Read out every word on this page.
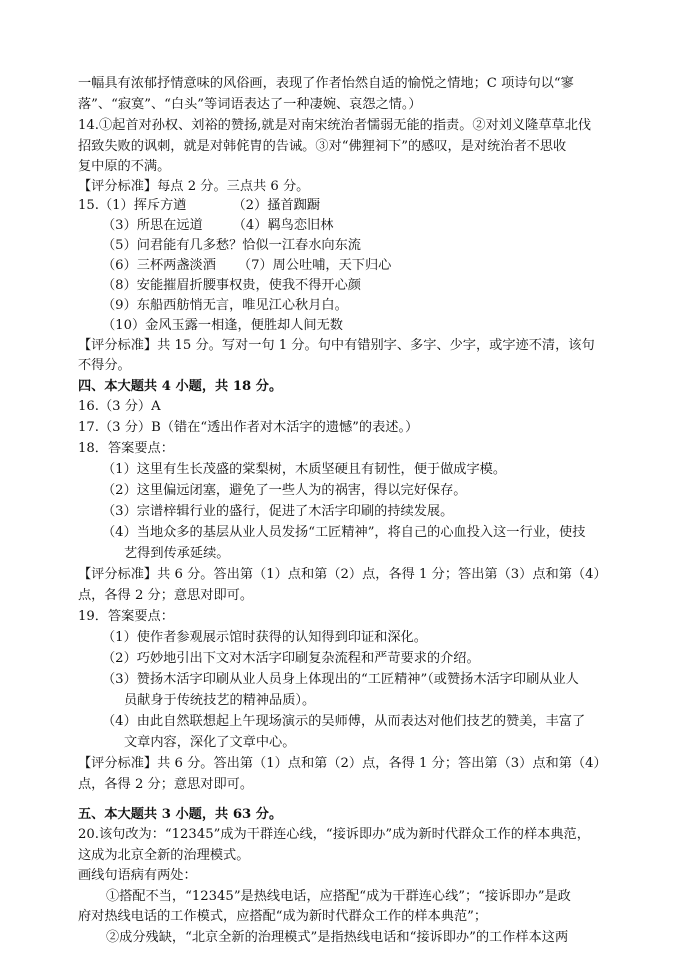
一幅具有浓郁抒情意味的风俗画，表现了作者怡然自适的愉悦之情地；C 项诗句以“寥
落”、“寂寞”、“白头”等词语表达了一种凄婉、哀怨之情。）
14.①起首对孙权、刘裕的赞扬,就是对南宋统治者懦弱无能的指责。②对刘义隆草草北伐
招致失败的讽刺，就是对韩侂胄的告诫。③对“佛狸祠下”的感叹，是对统治者不思收
复中原的不满。
【评分标准】每点 2 分。三点共 6 分。
15.（1）挥斥方遒	（2）搔首踟蹰
（3）所思在远道 （4）羁鸟恋旧林
（5）问君能有几多愁？恰似一江春水向东流
（6）三杯两盏淡酒 （7）周公吐哺，天下归心
（8）安能摧眉折腰事权贵，使我不得开心颜
（9）东船西舫悄无言，唯见江心秋月白。
（10）金风玉露一相逢，便胜却人间无数
【评分标准】共 15 分。写对一句 1 分。句中有错别字、多字、少字，或字迹不清，该句
不得分。
四、本大题共 4 小题，共 18 分。
16.（3 分）A
17.（3 分）B（错在“透出作者对木活字的遗憾”的表述。）
18．答案要点：
（1）这里有生长茂盛的棠梨树，木质坚硬且有韧性，便于做成字模。
（2）这里偏远闭塞，避免了一些人为的祸害，得以完好保存。
（3）宗谱梓辑行业的盛行，促进了木活字印刷的持续发展。
（4）当地众多的基层从业人员发扬“工匠精神”，将自己的心血投入这一行业，使技
艺得到传承延续。
【评分标准】共 6 分。答出第（1）点和第（2）点，各得 1 分；答出第（3）点和第（4）
点，各得 2 分；意思对即可。
19．答案要点：
（1）使作者参观展示馆时获得的认知得到印证和深化。
（2）巧妙地引出下文对木活字印刷复杂流程和严苛要求的介绍。
（3）赞扬木活字印刷从业人员身上体现出的“工匠精神”（或赞扬木活字印刷从业人
员献身于传统技艺的精神品质）。
（4）由此自然联想起上午现场演示的吴师傅，从而表达对他们技艺的赞美，丰富了
文章内容，深化了文章中心。
【评分标准】共 6 分。答出第（1）点和第（2）点，各得 1 分；答出第（3）点和第（4）
点，各得 2 分；意思对即可。
五、本大题共 3 小题，共 63 分。
20.该句改为：“12345”成为干群连心线，“接诉即办”成为新时代群众工作的样本典范，
这成为北京全新的治理模式。
画线句语病有两处：
①搭配不当，“12345”是热线电话，应搭配“成为干群连心线”；“接诉即办”是政
府对热线电话的工作模式，应搭配“成为新时代群众工作的样本典范”；
②成分残缺，“北京全新的治理模式”是指热线电话和“接诉即办”的工作样本这两
